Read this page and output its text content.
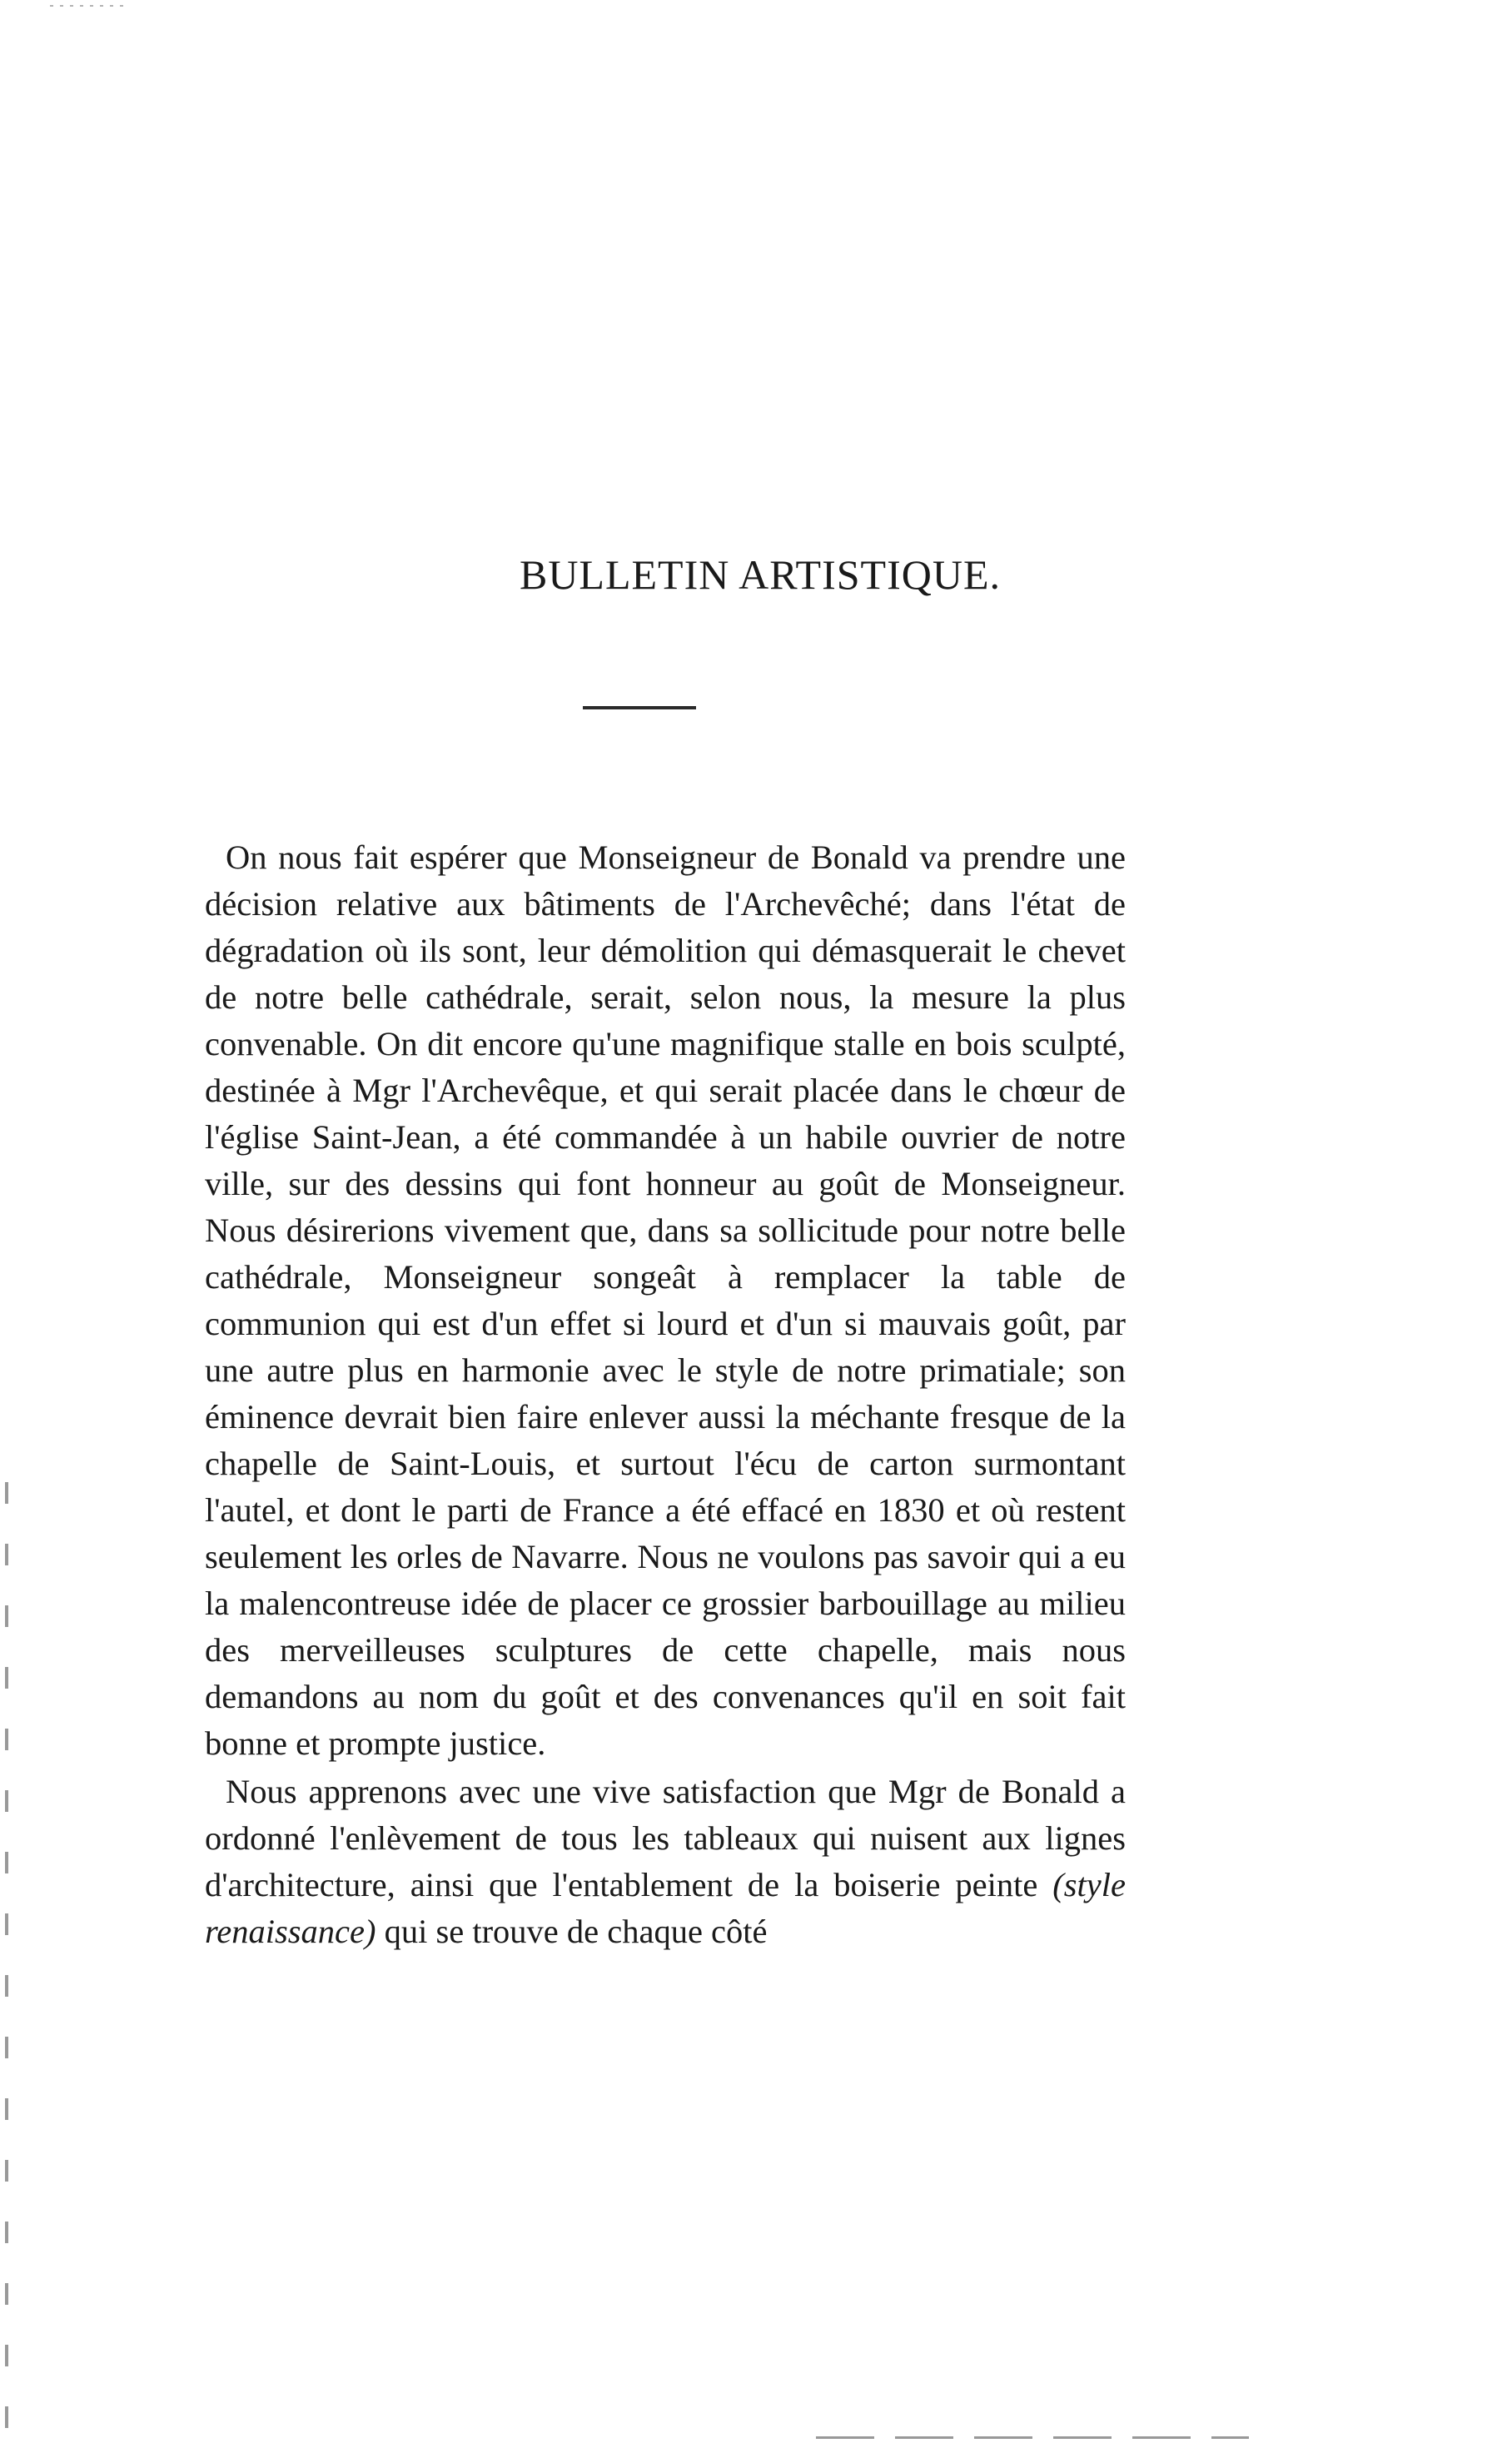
BULLETIN ARTISTIQUE.

On nous fait espérer que Monseigneur de Bonald va prendre une décision relative aux bâtiments de l'Archevêché; dans l'état de dégradation où ils sont, leur démolition qui démasquerait le chevet de notre belle cathédrale, serait, selon nous, la mesure la plus convenable. On dit encore qu'une magnifique stalle en bois sculpté, destinée à Mgr l'Archevêque, et qui serait placée dans le chœur de l'église Saint-Jean, a été commandée à un habile ouvrier de notre ville, sur des dessins qui font honneur au goût de Monseigneur. Nous désirerions vivement que, dans sa sollicitude pour notre belle cathédrale, Monseigneur songeât à remplacer la table de communion qui est d'un effet si lourd et d'un si mauvais goût, par une autre plus en harmonie avec le style de notre primatiale; son éminence devrait bien faire enlever aussi la méchante fresque de la chapelle de Saint-Louis, et surtout l'écu de carton surmontant l'autel, et dont le parti de France a été effacé en 1830 et où restent seulement les orles de Navarre. Nous ne voulons pas savoir qui a eu la malencontreuse idée de placer ce grossier barbouillage au milieu des merveilleuses sculptures de cette chapelle, mais nous demandons au nom du goût et des convenances qu'il en soit fait bonne et prompte justice.

Nous apprenons avec une vive satisfaction que Mgr de Bonald a ordonné l'enlèvement de tous les tableaux qui nuisent aux lignes d'architecture, ainsi que l'entablement de la boiserie peinte (style renaissance) qui se trouve de chaque côté
